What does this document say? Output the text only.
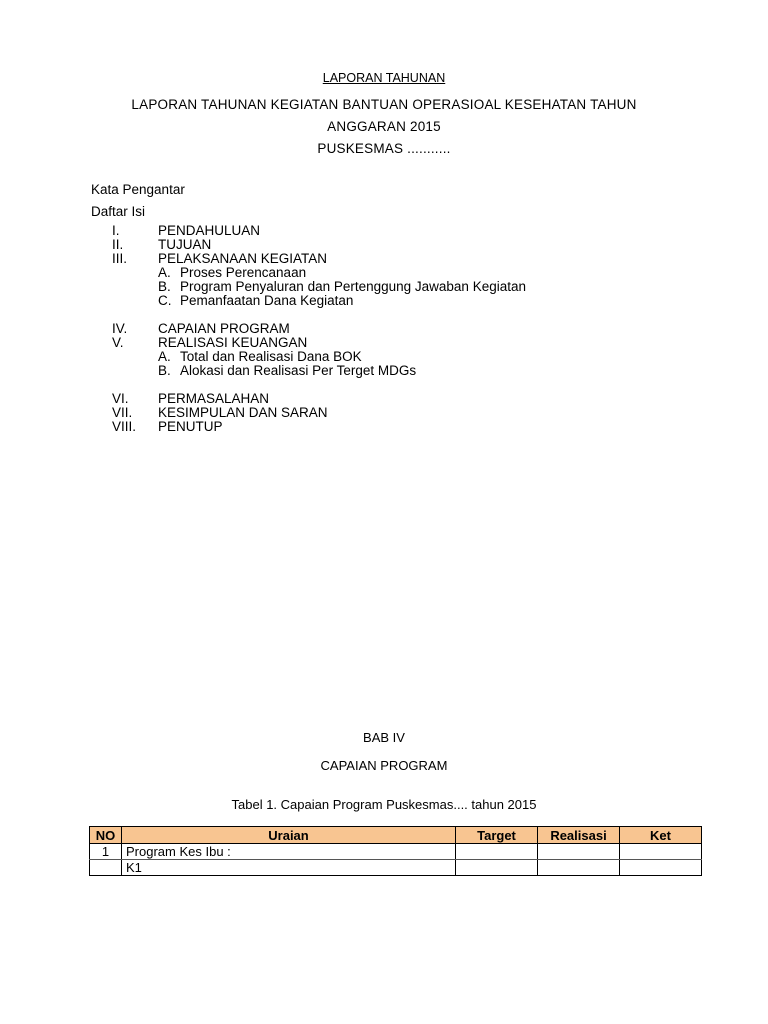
LAPORAN TAHUNAN
LAPORAN TAHUNAN KEGIATAN BANTUAN OPERASIOAL KESEHATAN TAHUN
ANGGARAN 2015
PUSKESMAS ...........
Kata Pengantar
Daftar Isi
I.	PENDAHULUAN
II.	TUJUAN
III. PELAKSANAAN KEGIATAN
A. Proses Perencanaan
B. Program Penyaluran dan Pertenggung Jawaban Kegiatan
C. Pemanfaatan Dana Kegiatan
IV. CAPAIAN PROGRAM
V.	REALISASI KEUANGAN
A. Total dan Realisasi Dana BOK
B. Alokasi dan Realisasi Per Terget MDGs
VI. PERMASALAHAN
VII. KESIMPULAN DAN SARAN
VIII. PENUTUP
BAB IV
CAPAIAN PROGRAM
Tabel 1. Capaian Program Puskesmas.... tahun 2015
NO	Uraian	Target	Realisasi	Ket
1	Program Kes Ibu :			
	K1			
